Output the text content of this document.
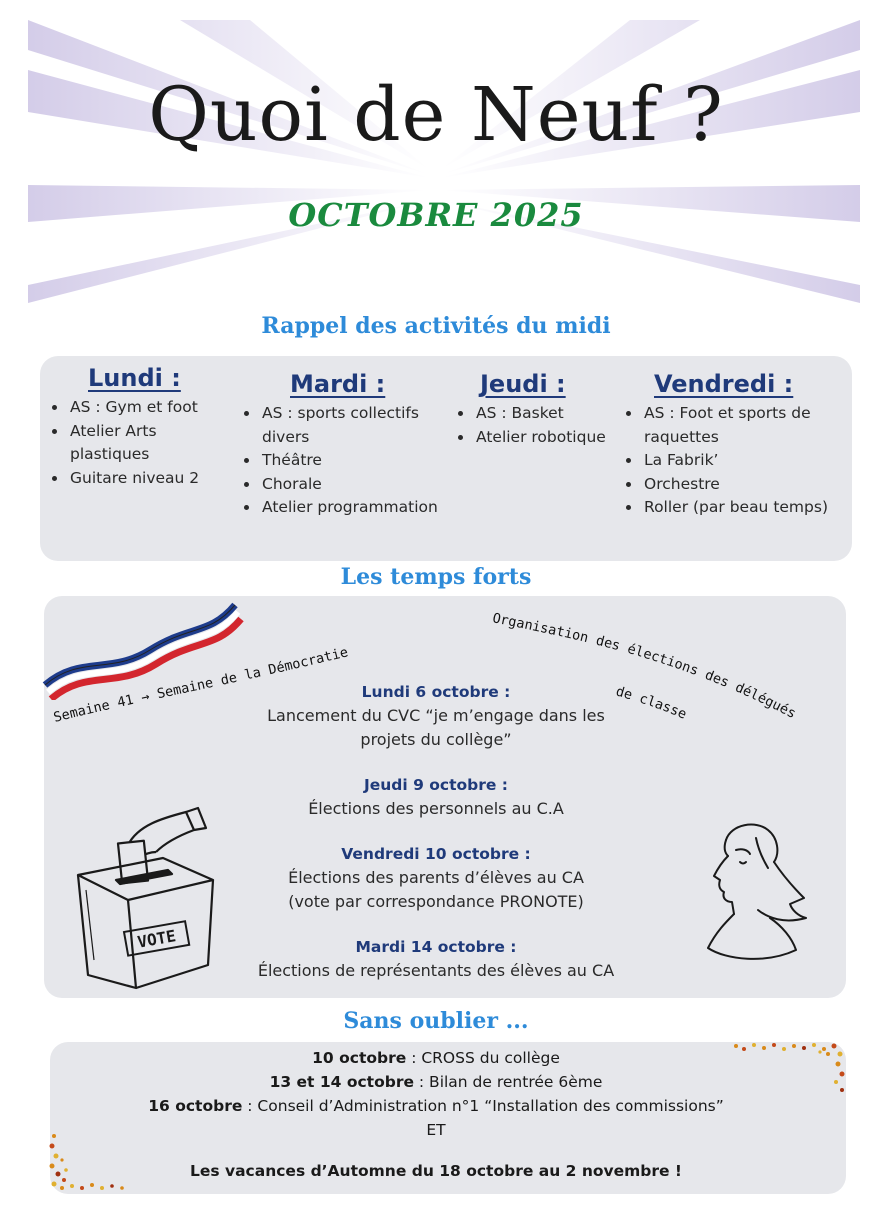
Quoi de Neuf ?
OCTOBRE 2025
Rappel des activités du midi

Lundi :

• AS : Gym et foot
• Atelier Arts plastiques
• Guitare niveau 2

Mardi :

• AS : sports collectifs divers
• Théâtre
• Chorale
• Atelier programmation

Jeudi :

• AS : Basket
• Atelier robotique

Vendredi :

• AS : Foot et sports de raquettes
• La Fabrik’
• Orchestre
• Roller (par beau temps)
Les temps forts
Semaine 41 → Semaine de la Démocratie
Organisation des élections des délégués
de classe
Lundi 6 octobre :
Lancement du CVC “je m’engage dans les
projets du collège”
Jeudi 9 octobre :
Élections des personnels au C.A
Vendredi 10 octobre :
Élections des parents d’élèves au CA
(vote par correspondance PRONOTE)
Mardi 14 octobre :
Élections de représentants des élèves au CA
VOTE
Sans oublier ...
10 octobre : CROSS du collège
13 et 14 octobre : Bilan de rentrée 6ème
16 octobre : Conseil d’Administration n°1 “Installation des commissions”
ET
Les vacances d’Automne du 18 octobre au 2 novembre !
